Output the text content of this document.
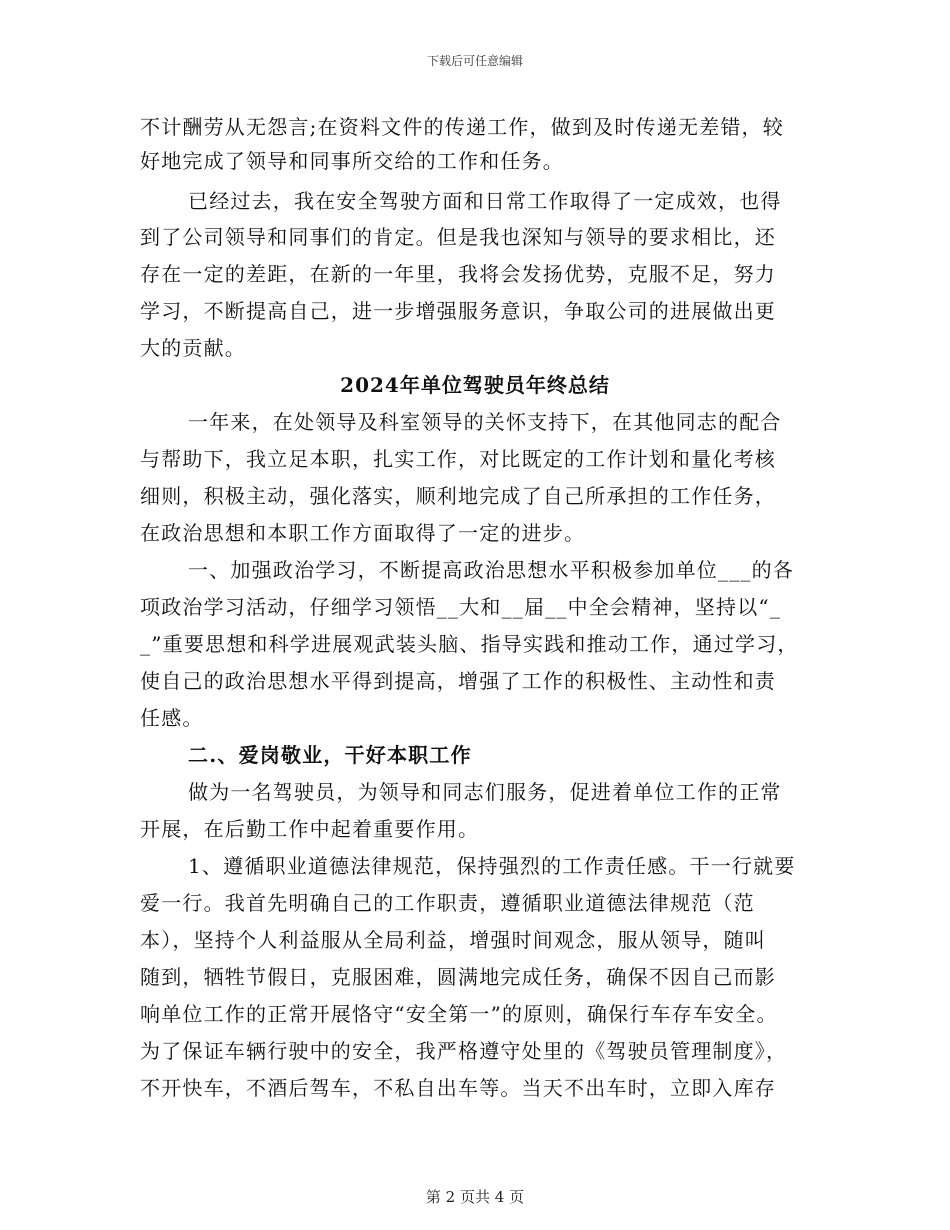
下载后可任意编辑
不计酬劳从无怨言;在资料文件的传递工作，做到及时传递无差错，较
好地完成了领导和同事所交给的工作和任务。
已经过去，我在安全驾驶方面和日常工作取得了一定成效，也得
到了公司领导和同事们的肯定。但是我也深知与领导的要求相比，还
存在一定的差距，在新的一年里，我将会发扬优势，克服不足，努力
学习，不断提高自己，进一步增强服务意识，争取公司的进展做出更
大的贡献。
2024年单位驾驶员年终总结
一年来，在处领导及科室领导的关怀支持下，在其他同志的配合
与帮助下，我立足本职，扎实工作，对比既定的工作计划和量化考核
细则，积极主动，强化落实，顺利地完成了自己所承担的工作任务，
在政治思想和本职工作方面取得了一定的进步。
一、加强政治学习，不断提高政治思想水平积极参加单位___的各
项政治学习活动，仔细学习领悟__大和__届__中全会精神，坚持以“_
_”重要思想和科学进展观武装头脑、指导实践和推动工作，通过学习，
使自己的政治思想水平得到提高，增强了工作的积极性、主动性和责
任感。
二.、爱岗敬业，干好本职工作
做为一名驾驶员，为领导和同志们服务，促进着单位工作的正常
开展，在后勤工作中起着重要作用。
1、遵循职业道德法律规范，保持强烈的工作责任感。干一行就要
爱一行。我首先明确自己的工作职责，遵循职业道德法律规范（范
本），坚持个人利益服从全局利益，增强时间观念，服从领导，随叫
随到，牺牲节假日，克服困难，圆满地完成任务，确保不因自己而影
响单位工作的正常开展恪守“安全第一”的原则，确保行车存车安全。
为了保证车辆行驶中的安全，我严格遵守处里的《驾驶员管理制度》，
不开快车，不酒后驾车，不私自出车等。当天不出车时，立即入库存
第 2 页共 4 页
